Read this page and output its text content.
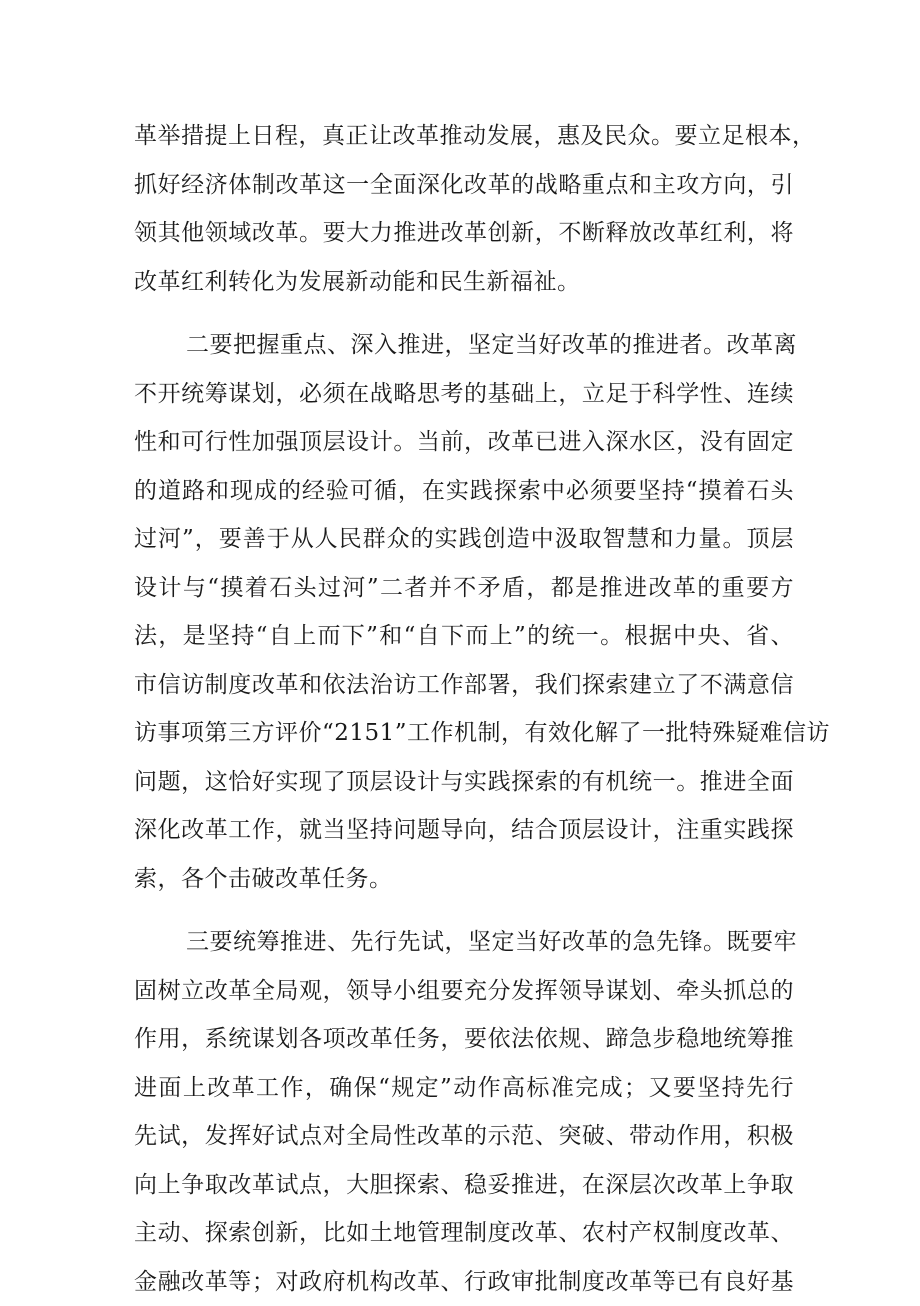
革举措提上日程，真正让改革推动发展，惠及民众。要立足根本，
抓好经济体制改革这一全面深化改革的战略重点和主攻方向，引
领其他领域改革。要大力推进改革创新，不断释放改革红利，将
改革红利转化为发展新动能和民生新福祉。
二要把握重点、深入推进，坚定当好改革的推进者。改革离
不开统筹谋划，必须在战略思考的基础上，立足于科学性、连续
性和可行性加强顶层设计。当前，改革已进入深水区，没有固定
的道路和现成的经验可循，在实践探索中必须要坚持“摸着石头
过河”，要善于从人民群众的实践创造中汲取智慧和力量。顶层
设计与“摸着石头过河”二者并不矛盾，都是推进改革的重要方
法，是坚持“自上而下”和“自下而上”的统一。根据中央、省、
市信访制度改革和依法治访工作部署，我们探索建立了不满意信
访事项第三方评价“2151”工作机制，有效化解了一批特殊疑难信访
问题，这恰好实现了顶层设计与实践探索的有机统一。推进全面
深化改革工作，就当坚持问题导向，结合顶层设计，注重实践探
索，各个击破改革任务。
三要统筹推进、先行先试，坚定当好改革的急先锋。既要牢
固树立改革全局观，领导小组要充分发挥领导谋划、牵头抓总的
作用，系统谋划各项改革任务，要依法依规、蹄急步稳地统筹推
进面上改革工作，确保“规定”动作高标准完成；又要坚持先行
先试，发挥好试点对全局性改革的示范、突破、带动作用，积极
向上争取改革试点，大胆探索、稳妥推进，在深层次改革上争取
主动、探索创新，比如土地管理制度改革、农村产权制度改革、
金融改革等；对政府机构改革、行政审批制度改革等已有良好基
